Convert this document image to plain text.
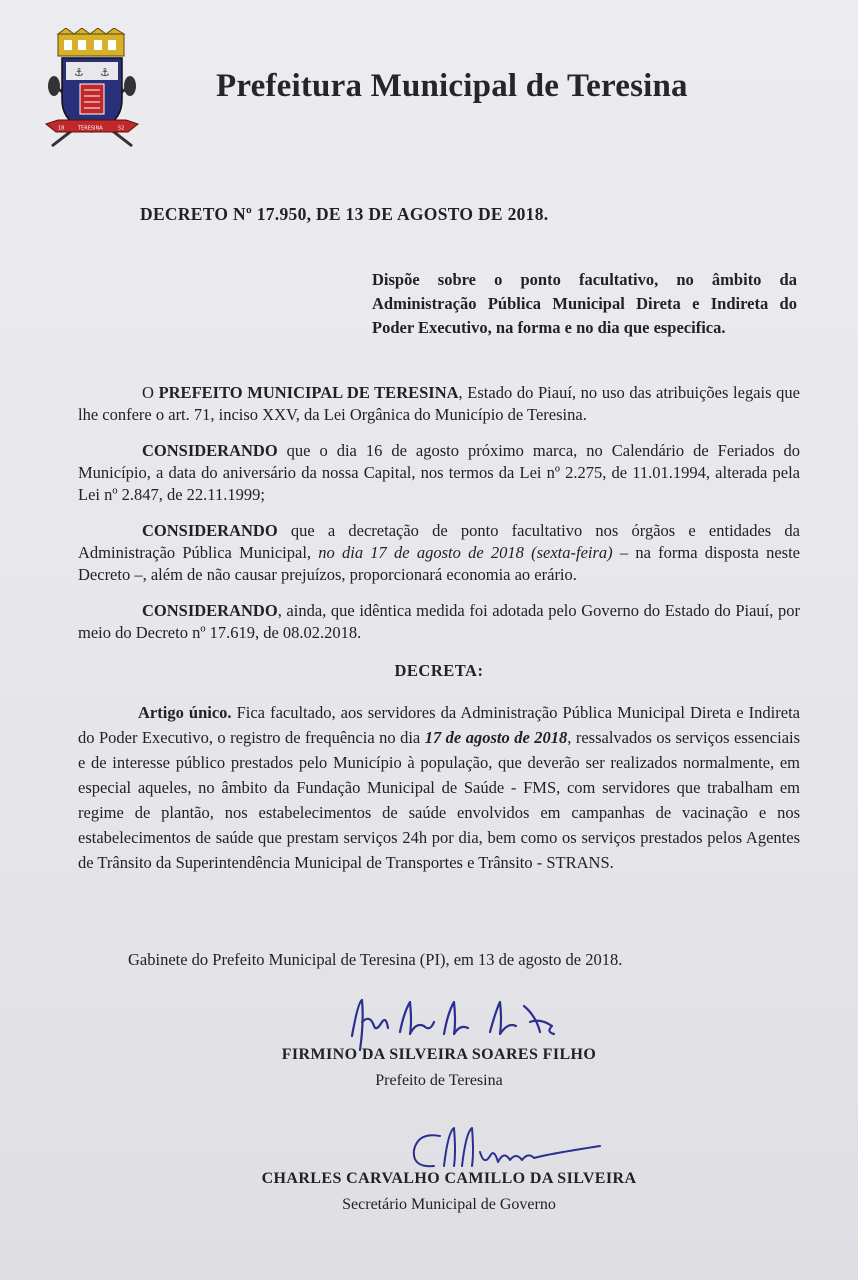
⚓ ⚓
18	TERESINA	52
Prefeitura Municipal de Teresina
DECRETO Nº 17.950, DE 13 DE AGOSTO DE 2018.
Dispõe sobre o ponto facultativo, no âmbito da Administração Pública Municipal Direta e Indireta do Poder Executivo, na forma e no dia que especifica.

O PREFEITO MUNICIPAL DE TERESINA, Estado do Piauí, no uso das atribuições legais que lhe confere o art. 71, inciso XXV, da Lei Orgânica do Município de Teresina.

CONSIDERANDO que o dia 16 de agosto próximo marca, no Calendário de Feriados do Município, a data do aniversário da nossa Capital, nos termos da Lei nº 2.275, de 11.01.1994, alterada pela Lei nº 2.847, de 22.11.1999;

CONSIDERANDO que a decretação de ponto facultativo nos órgãos e entidades da Administração Pública Municipal, no dia 17 de agosto de 2018 (sexta-feira) – na forma disposta neste Decreto –, além de não causar prejuízos, proporcionará economia ao erário.

CONSIDERANDO, ainda, que idêntica medida foi adotada pelo Governo do Estado do Piauí, por meio do Decreto nº 17.619, de 08.02.2018.

DECRETA:

Artigo único. Fica facultado, aos servidores da Administração Pública Municipal Direta e Indireta do Poder Executivo, o registro de frequência no dia 17 de agosto de 2018, ressalvados os serviços essenciais e de interesse público prestados pelo Município à população, que deverão ser realizados normalmente, em especial aqueles, no âmbito da Fundação Municipal de Saúde - FMS, com servidores que trabalham em regime de plantão, nos estabelecimentos de saúde envolvidos em campanhas de vacinação e nos estabelecimentos de saúde que prestam serviços 24h por dia, bem como os serviços prestados pelos Agentes de Trânsito da Superintendência Municipal de Transportes e Trânsito - STRANS.

Gabinete do Prefeito Municipal de Teresina (PI), em 13 de agosto de 2018.
FIRMINO DA SILVEIRA SOARES FILHO
Prefeito de Teresina
CHARLES CARVALHO CAMILLO DA SILVEIRA
Secretário Municipal de Governo
